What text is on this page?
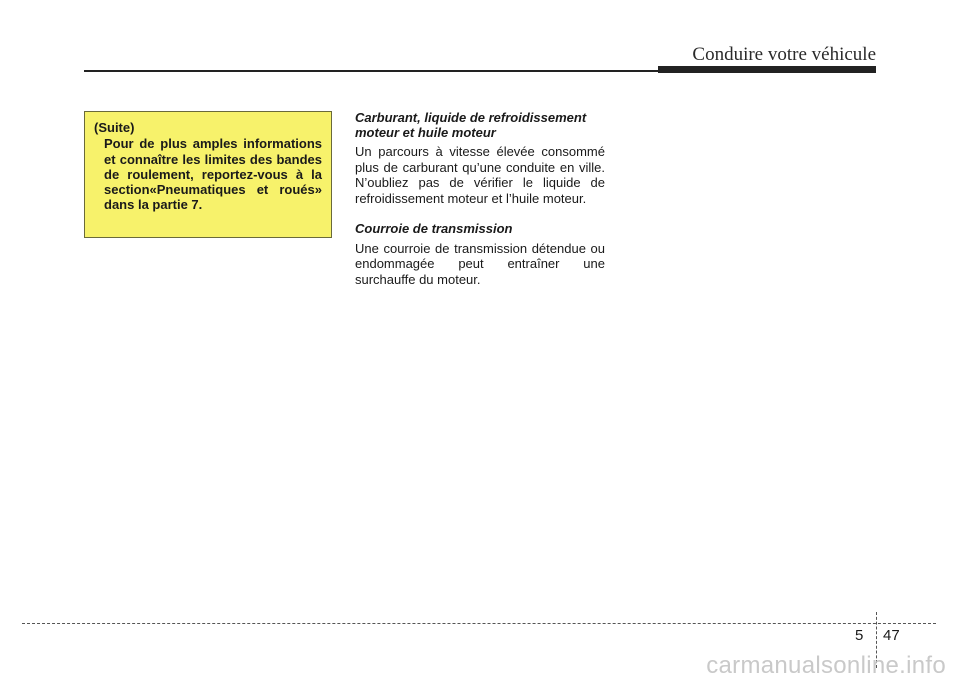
Conduire votre véhicule

(Suite)

Pour de plus amples informations et connaître les limites des bandes de roulement, reportez-vous à la section«Pneumatiques et roués» dans la partie 7.

Carburant, liquide de refroidissement
moteur et huile moteur

Un parcours à vitesse élevée consommé plus de carburant qu’une conduite en ville. N’oubliez pas de vérifier le liquide de refroidissement moteur et l’huile moteur.

Courroie de transmission

Une courroie de transmission détendue ou endommagée peut entraîner une surchauffe du moteur.

5 47
carmanualsonline.info
